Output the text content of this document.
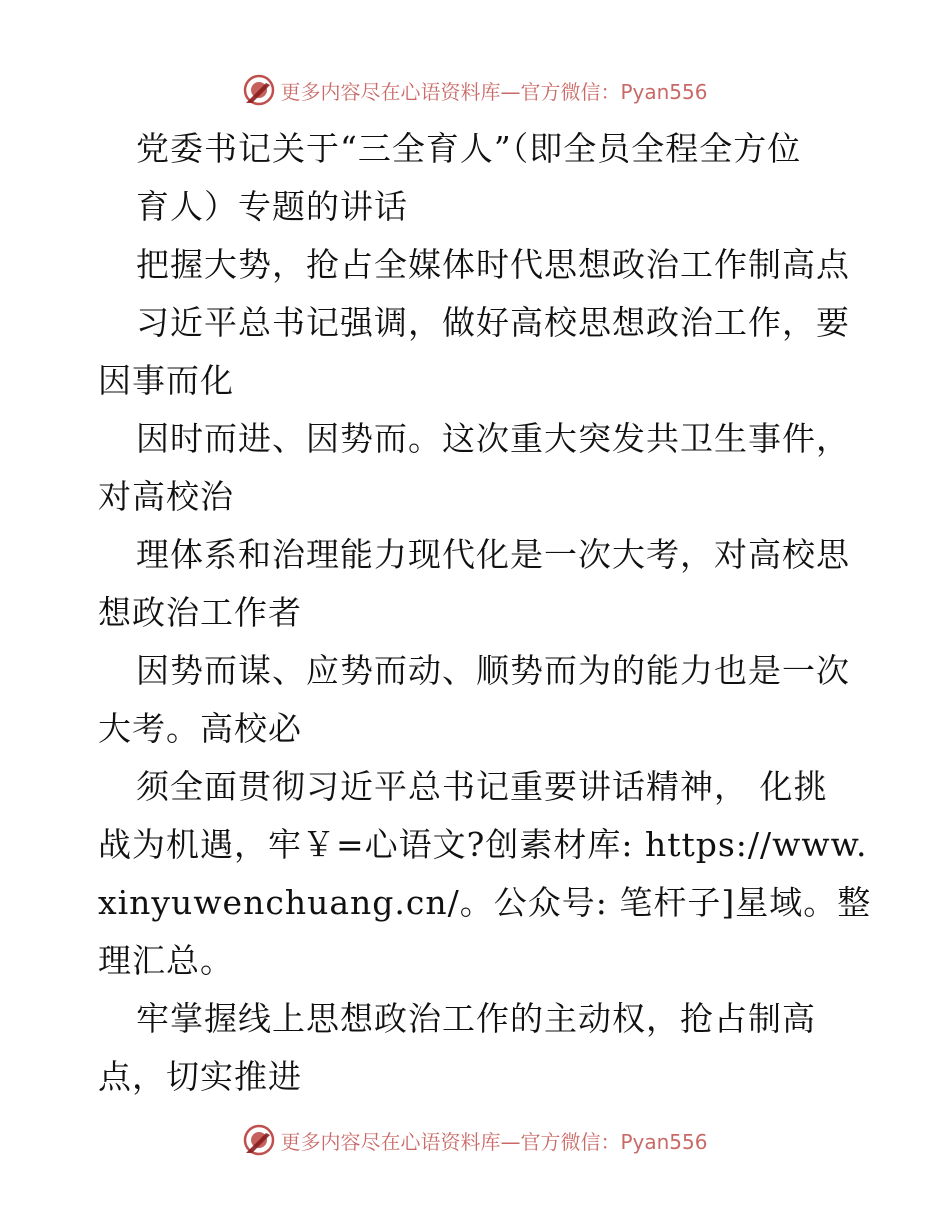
更多内容尽在心语资料库—官方微信：Pyan556
党委书记关于“三全育人”（即全员全程全方位
育人）专题的讲话
把握大势，抢占全媒体时代思想政治工作制高点
习近平总书记强调，做好高校思想政治工作，要
因事而化
因时而进、因势而。这次重大突发共卫生事件，
对高校治
理体系和治理能力现代化是一次大考，对高校思
想政治工作者
因势而谋、应势而动、顺势而为的能力也是一次
大考。高校必
须全面贯彻习近平总书记重要讲话精神， 化挑
战为机遇，牢￥=心语文?创素材库: https://www.
xinyuwenchuang.cn/。公众号: 笔杆子]星域。整
理汇总。
牢掌握线上思想政治工作的主动权，抢占制高
点，切实推进
更多内容尽在心语资料库—官方微信：Pyan556
